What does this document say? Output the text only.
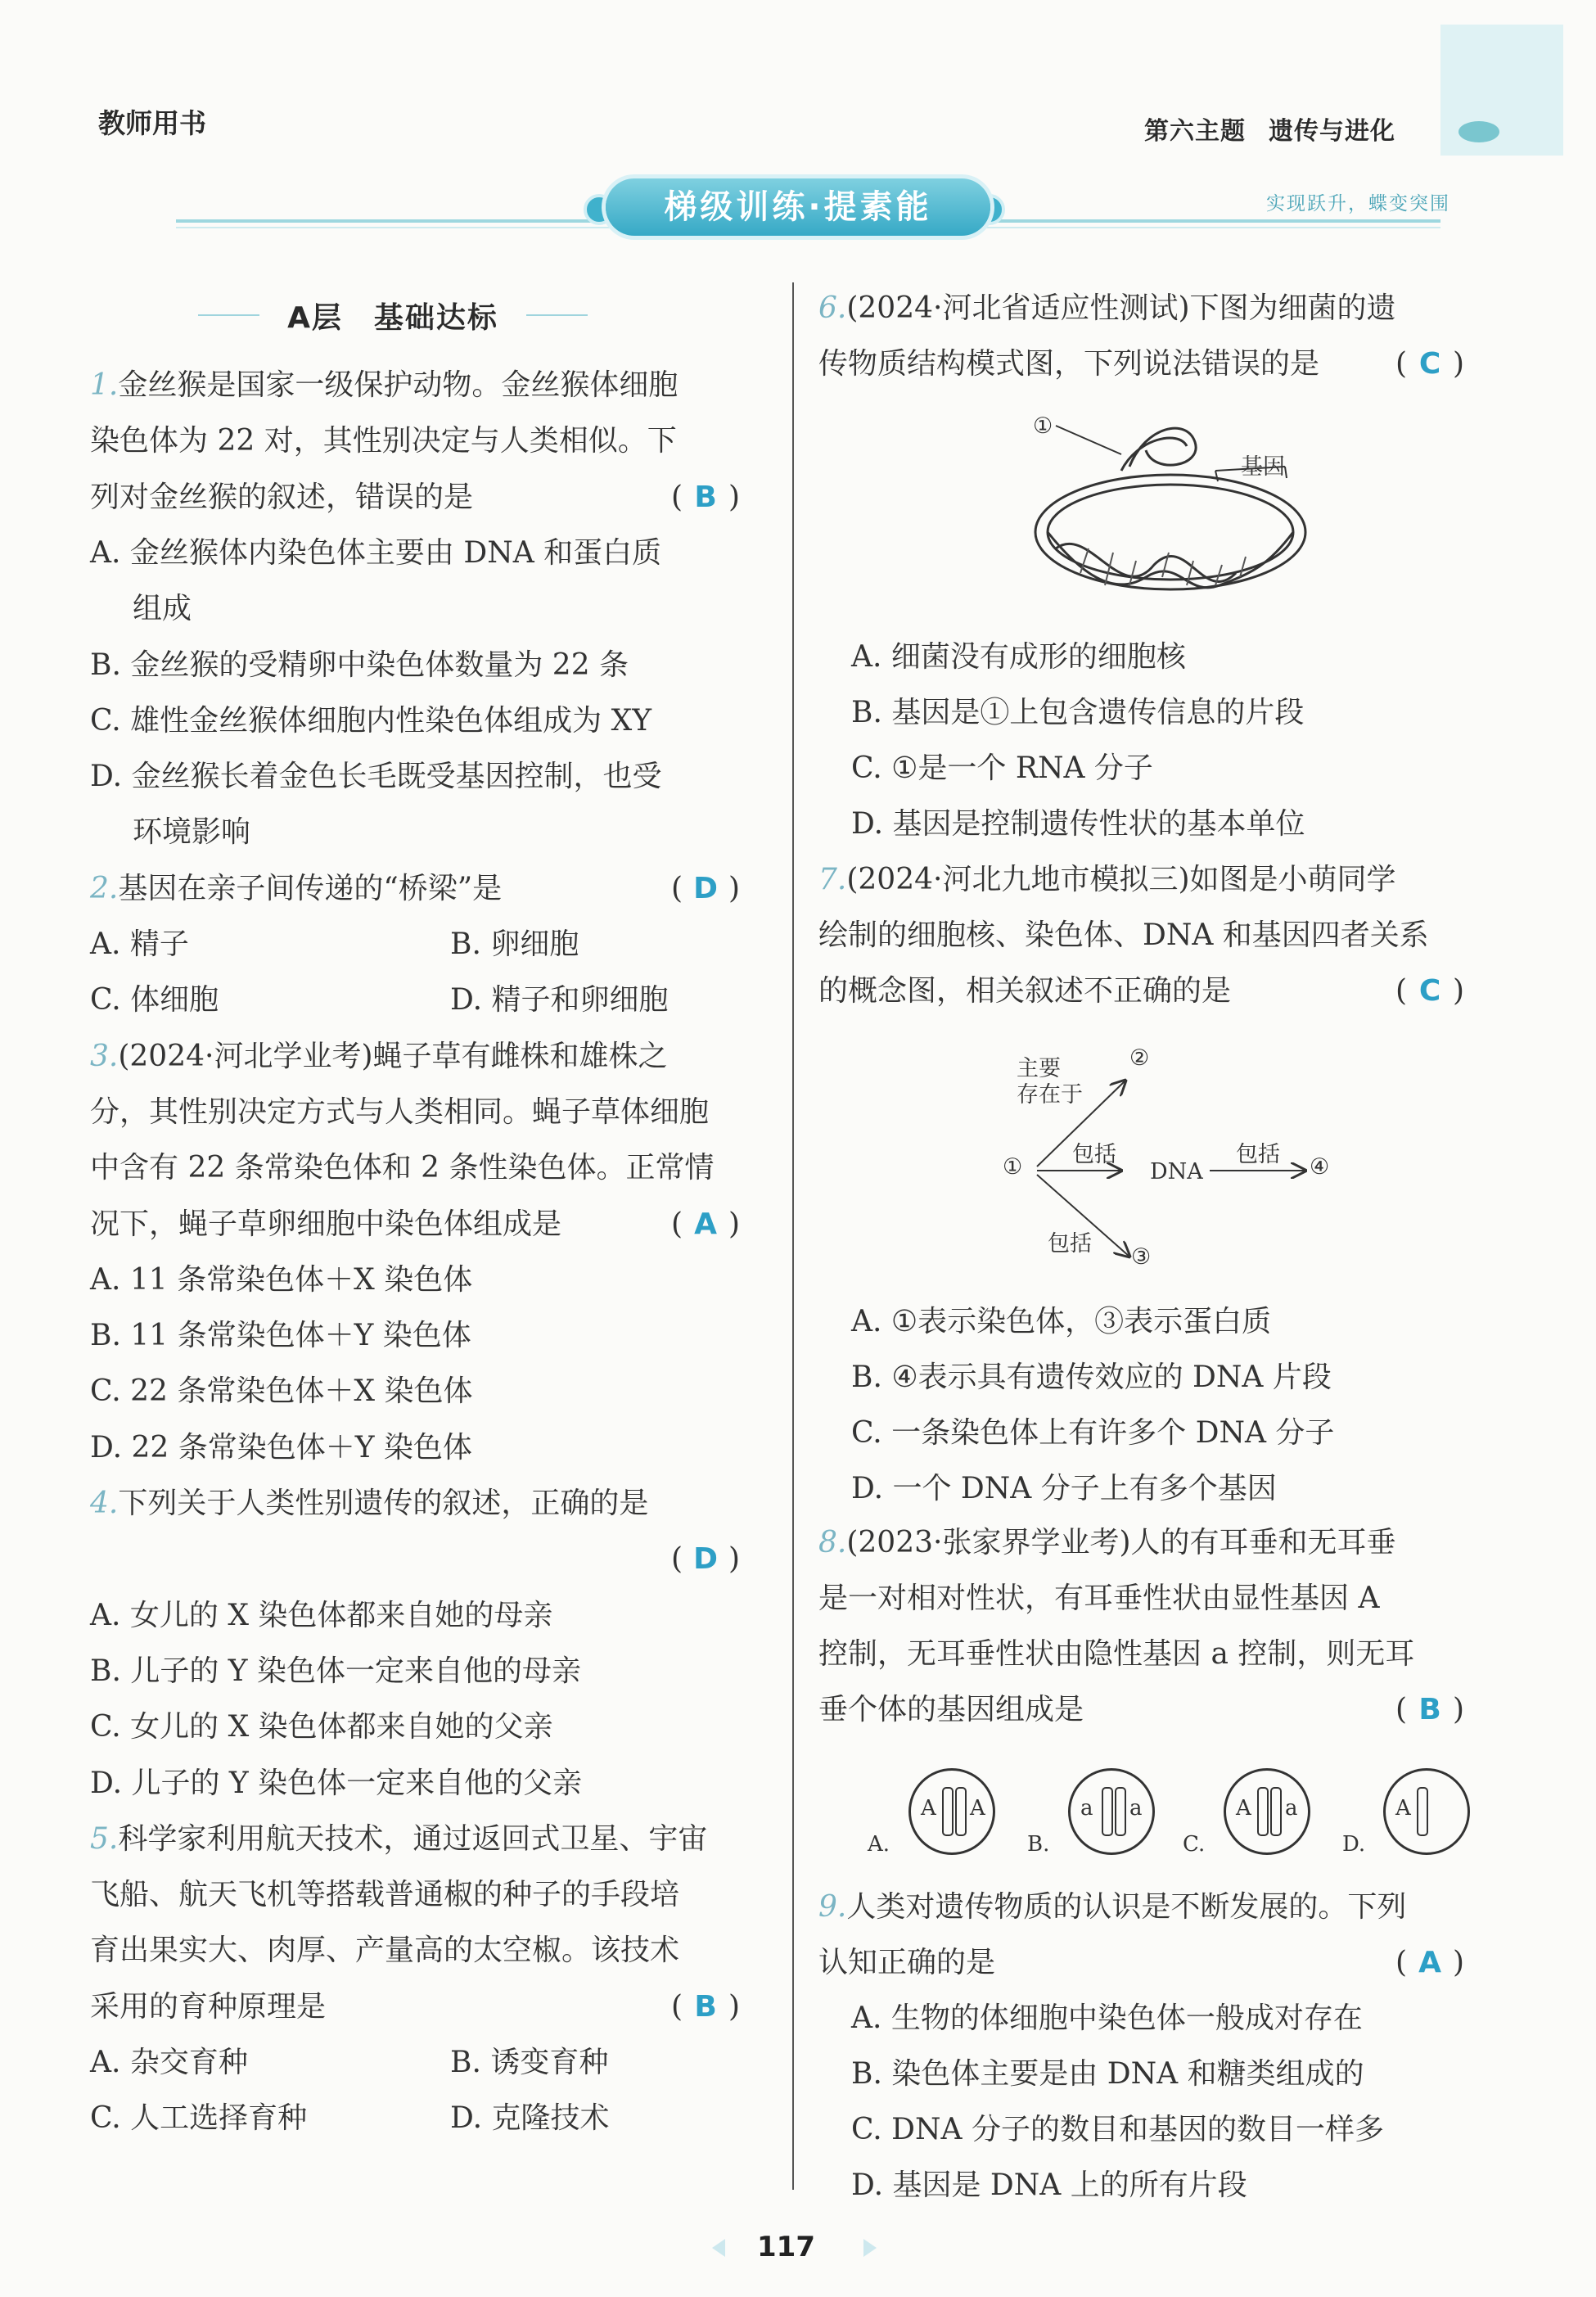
教师用书	第六主题 遗传与进化
梯级训练·提素能	实现跃升，蝶变突围
A层　基础达标
1.金丝猴是国家一级保护动物。金丝猴体细胞
染色体为 22 对，其性别决定与人类相似。下
列对金丝猴的叙述，错误的是	( B )
A. 金丝猴体内染色体主要由 DNA 和蛋白质
组成
B. 金丝猴的受精卵中染色体数量为 22 条
C. 雄性金丝猴体细胞内性染色体组成为 XY
D. 金丝猴长着金色长毛既受基因控制，也受
环境影响
2.基因在亲子间传递的“桥梁”是	( D )
A. 精子	B. 卵细胞
C. 体细胞	D. 精子和卵细胞
3.(2024·河北学业考)蝇子草有雌株和雄株之
分，其性别决定方式与人类相同。蝇子草体细胞
中含有 22 条常染色体和 2 条性染色体。正常情
况下，蝇子草卵细胞中染色体组成是	( A )
A. 11 条常染色体＋X 染色体
B. 11 条常染色体＋Y 染色体
C. 22 条常染色体＋X 染色体
D. 22 条常染色体＋Y 染色体
4.下列关于人类性别遗传的叙述，正确的是
( D )
A. 女儿的 X 染色体都来自她的母亲
B. 儿子的 Y 染色体一定来自他的母亲
C. 女儿的 X 染色体都来自她的父亲
D. 儿子的 Y 染色体一定来自他的父亲
5.科学家利用航天技术，通过返回式卫星、宇宙
飞船、航天飞机等搭载普通椒的种子的手段培
育出果实大、肉厚、产量高的太空椒。该技术
采用的育种原理是	( B )
A. 杂交育种	B. 诱变育种
C. 人工选择育种	D. 克隆技术
6.(2024·河北省适应性测试)下图为细菌的遗
传物质结构模式图，下列说法错误的是	( C )
A. 细菌没有成形的细胞核
B. 基因是①上包含遗传信息的片段
C. ①是一个 RNA 分子
D. 基因是控制遗传性状的基本单位
7.(2024·河北九地市模拟三)如图是小萌同学
绘制的细胞核、染色体、DNA 和基因四者关系
的概念图，相关叙述不正确的是	( C )
A. ①表示染色体，③表示蛋白质
B. ④表示具有遗传效应的 DNA 片段
C. 一条染色体上有许多个 DNA 分子
D. 一个 DNA 分子上有多个基因
8.(2023·张家界学业考)人的有耳垂和无耳垂
是一对相对性状，有耳垂性状由显性基因 A
控制，无耳垂性状由隐性基因 a 控制，则无耳
垂个体的基因组成是	( B )
9.人类对遗传物质的认识是不断发展的。下列
认知正确的是	( A )
A. 生物的体细胞中染色体一般成对存在
B. 染色体主要是由 DNA 和糖类组成的
C. DNA 分子的数目和基因的数目一样多
D. 基因是 DNA 上的所有片段
①
基因
①
②
③
DNA	④
主要
存在于
包括	包括
包括
A A
A.
a a
B.
A a
C.
A
D.
117
